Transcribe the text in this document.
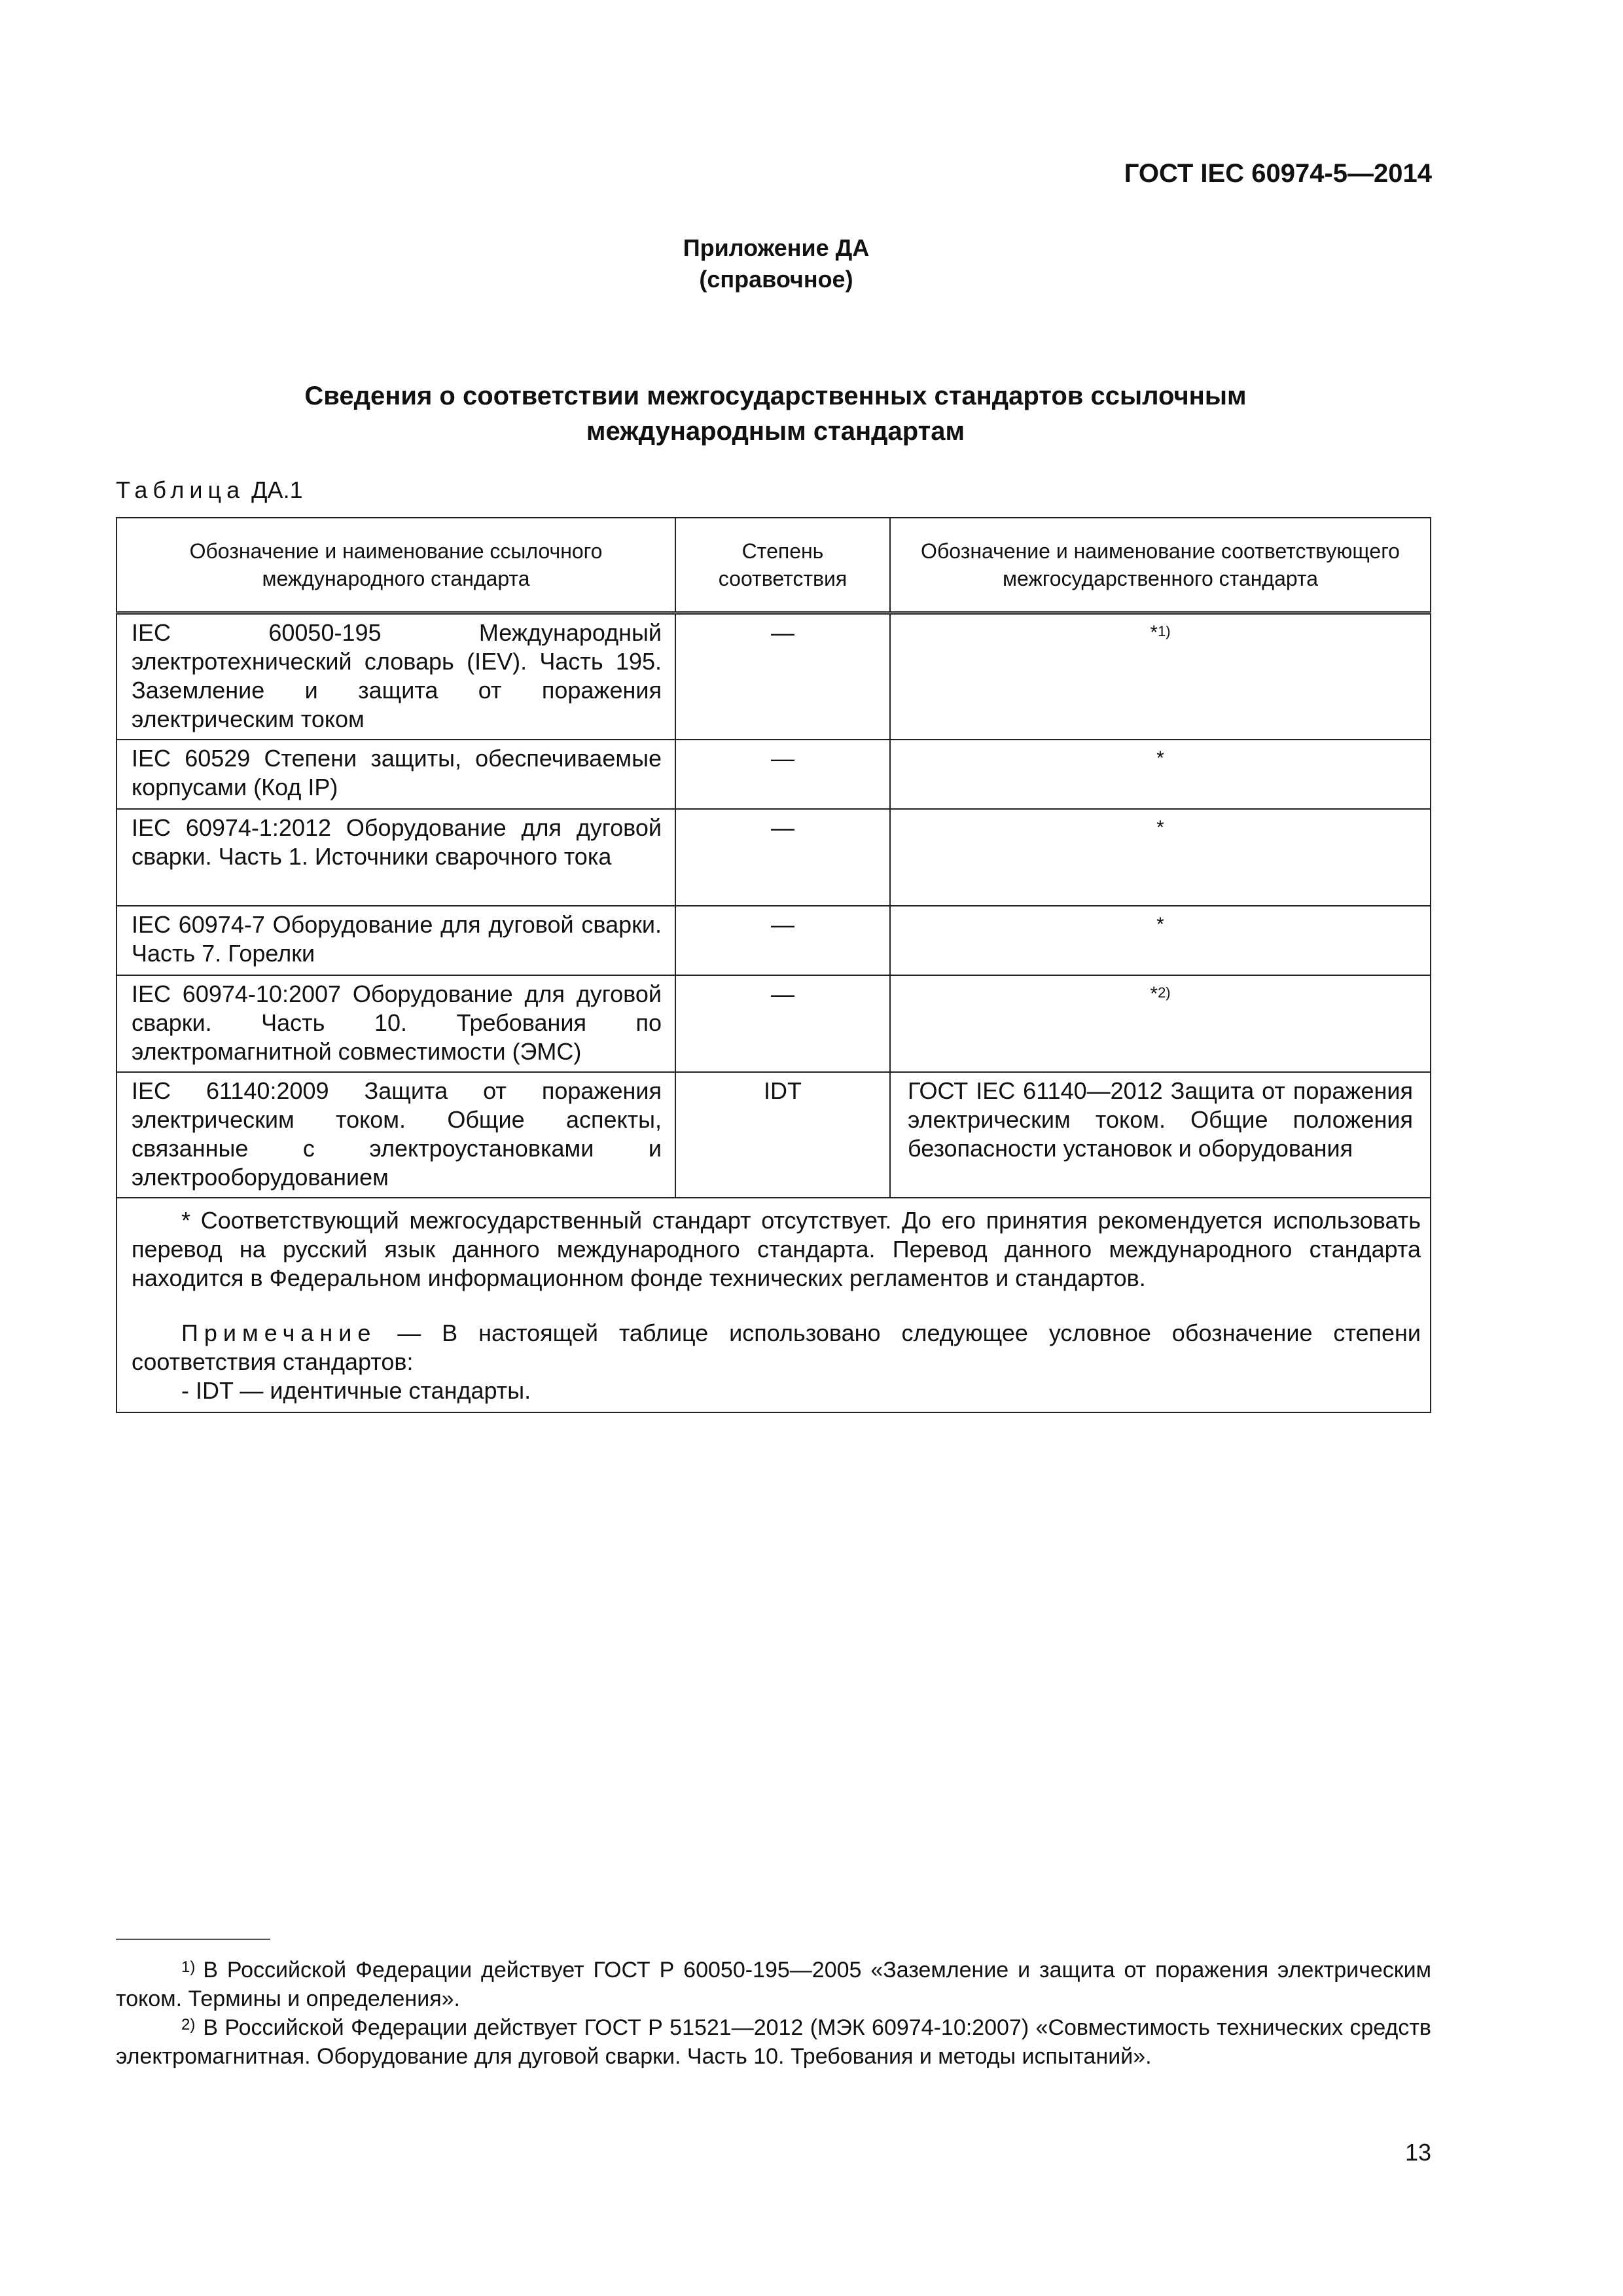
ГОСТ IEC 60974-5—2014
Приложение ДА
(справочное)
Сведения о соответствии межгосударственных стандартов ссылочным
международным стандартам
Таблица ДА.1
Обозначение и наименование ссылочного международного стандарта	Степень соответствия	Обозначение и наименование соответствующего межгосударственного стандарта
IEC 60050-195 Международный электротехнический словарь (IEV). Часть 195. Заземление и защита от поражения электрическим током	—	*$^{1)}$
IEC 60529 Степени защиты, обеспечиваемые корпусами (Код IP)	—	*
IEC 60974-1:2012 Оборудование для дуговой сварки. Часть 1. Источники сварочного тока	—	*
IEC 60974-7 Оборудование для дуговой сварки. Часть 7. Горелки	—	*
IEC 60974-10:2007 Оборудование для дуговой сварки. Часть 10. Требования по электромагнитной совместимости (ЭМС)	—	*$^{2)}$
IEC 61140:2009 Защита от поражения электрическим током. Общие аспекты, связанные с электроустановками и электрооборудованием	IDT	ГОСТ IEC 61140—2012 Защита от поражения электрическим током. Общие положения безопасности установок и оборудования

* Соответствующий межгосударственный стандарт отсутствует. До его принятия рекомендуется использовать перевод на русский язык данного международного стандарта. Перевод данного международного стандарта находится в Федеральном информационном фонде технических регламентов и стандартов.

Примечание — В настоящей таблице использовано следующее условное обозначение степени соответствия стандартов:

- IDT — идентичные стандарты.		

$^{1)}$ В Российской Федерации действует ГОСТ Р 60050-195—2005 «Заземление и защита от поражения электрическим током. Термины и определения».
$^{2)}$ В Российской Федерации действует ГОСТ Р 51521—2012 (МЭК 60974-10:2007) «Совместимость технических средств электромагнитная. Оборудование для дуговой сварки. Часть 10. Требования и методы испытаний».
13
